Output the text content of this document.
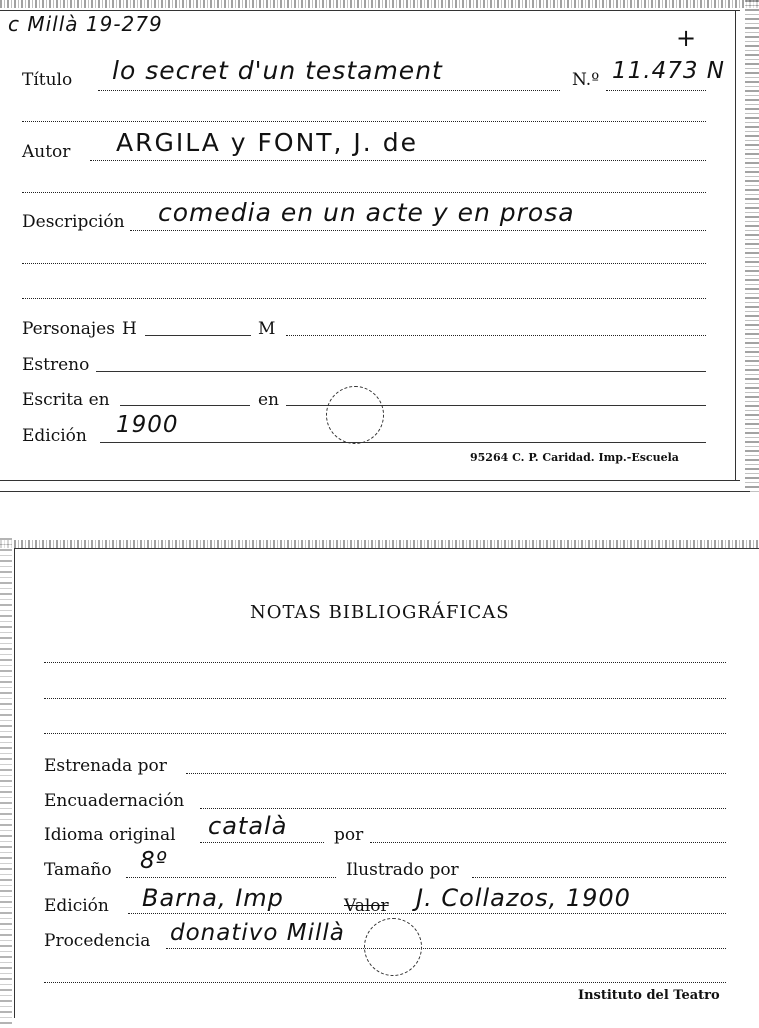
c Millà 19-279	+
Título lo secret d'un testament	N.º 11.473 N
Autor ARGILA y FONT, J. de
Descripción comedia en un acte y en prosa
Personajes H	M
Estreno
Escrita en	en
Edición 1900
95264 C. P. Caridad. Imp.-Escuela
NOTAS BIBLIOGRÁFICAS
Estrenada por
Encuadernación
Idioma original català	por
Tamaño 8º	Ilustrado por
Edición Barna, Imp	Valor J. Collazos, 1900
Procedencia donativo Millà
Instituto del Teatro
